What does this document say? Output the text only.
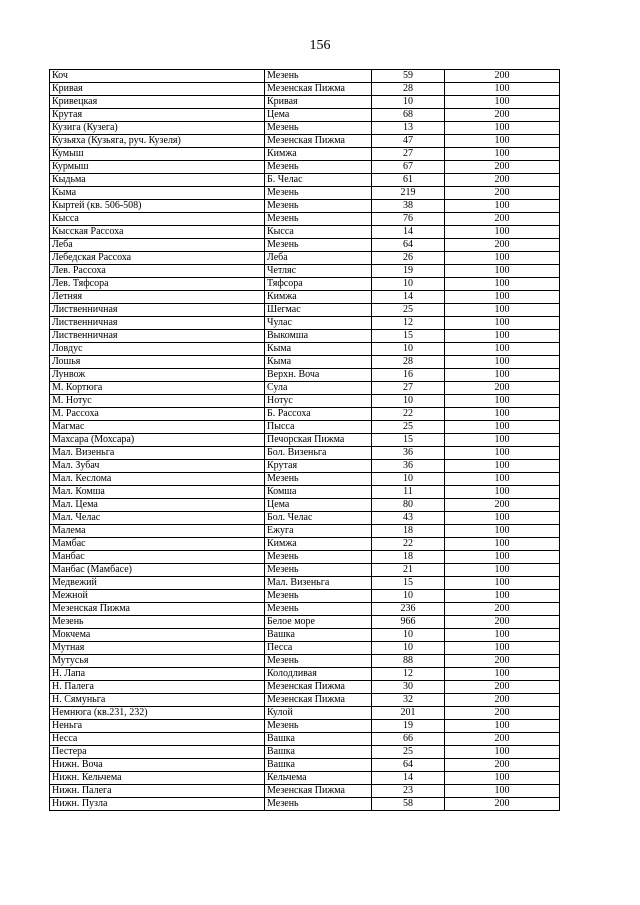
156
Коч	Мезень	59	200
Кривая	Мезенская Пижма	28	100
Кривецкая	Кривая	10	100
Крутая	Цема	68	200
Кузига (Кузега)	Мезень	13	100
Кузьяха (Кузьяга, руч. Кузеля)	Мезенская Пижма	47	100
Кумыш	Кимжа	27	100
Курмыш	Мезень	67	200
Кыдьма	Б. Челас	61	200
Кыма	Мезень	219	200
Кыртей (кв. 506-508)	Мезень	38	100
Кысса	Мезень	76	200
Кысская Рассоха	Кысса	14	100
Леба	Мезень	64	200
Лебедская Рассоха	Леба	26	100
Лев. Рассоха	Четляс	19	100
Лев. Тяфсора	Тяфсора	10	100
Летняя	Кимжа	14	100
Лиственничная	Шегмас	25	100
Лиственничная	Чулас	12	100
Лиственничная	Выкомша	15	100
Ловдус	Кыма	10	100
Лошья	Кыма	28	100
Лунвож	Верхн. Воча	16	100
М. Кортюга	Сула	27	200
М. Нотус	Нотус	10	100
М. Рассоха	Б. Рассоха	22	100
Магмас	Пысса	25	100
Махсара (Мохсара)	Печорская Пижма	15	100
Мал. Визеньга	Бол. Визеньга	36	100
Мал. Зубач	Крутая	36	100
Мал. Кеслома	Мезень	10	100
Мал. Комша	Комша	11	100
Мал. Цема	Цема	80	200
Мал. Челас	Бол. Челас	43	100
Малема	Ежуга	18	100
Мамбас	Кимжа	22	100
Манбас	Мезень	18	100
Манбас (Мамбасе)	Мезень	21	100
Медвежий	Мал. Визеньга	15	100
Межной	Мезень	10	100
Мезенская Пижма	Мезень	236	200
Мезень	Белое море	966	200
Мокчема	Вашка	10	100
Мутная	Песса	10	100
Мутусья	Мезень	88	200
Н. Лапа	Колодливая	12	100
Н. Палега	Мезенская Пижма	30	200
Н. Сямуньга	Мезенская Пижма	32	200
Немнюга (кв.231, 232)	Кулой	201	200
Неньга	Мезень	19	100
Несса	Вашка	66	200
Пестера	Вашка	25	100
Нижн. Воча	Вашка	64	200
Нижн. Кельчема	Кельчема	14	100
Нижн. Палега	Мезенская Пижма	23	100
Нижн. Пузла	Мезень	58	200
